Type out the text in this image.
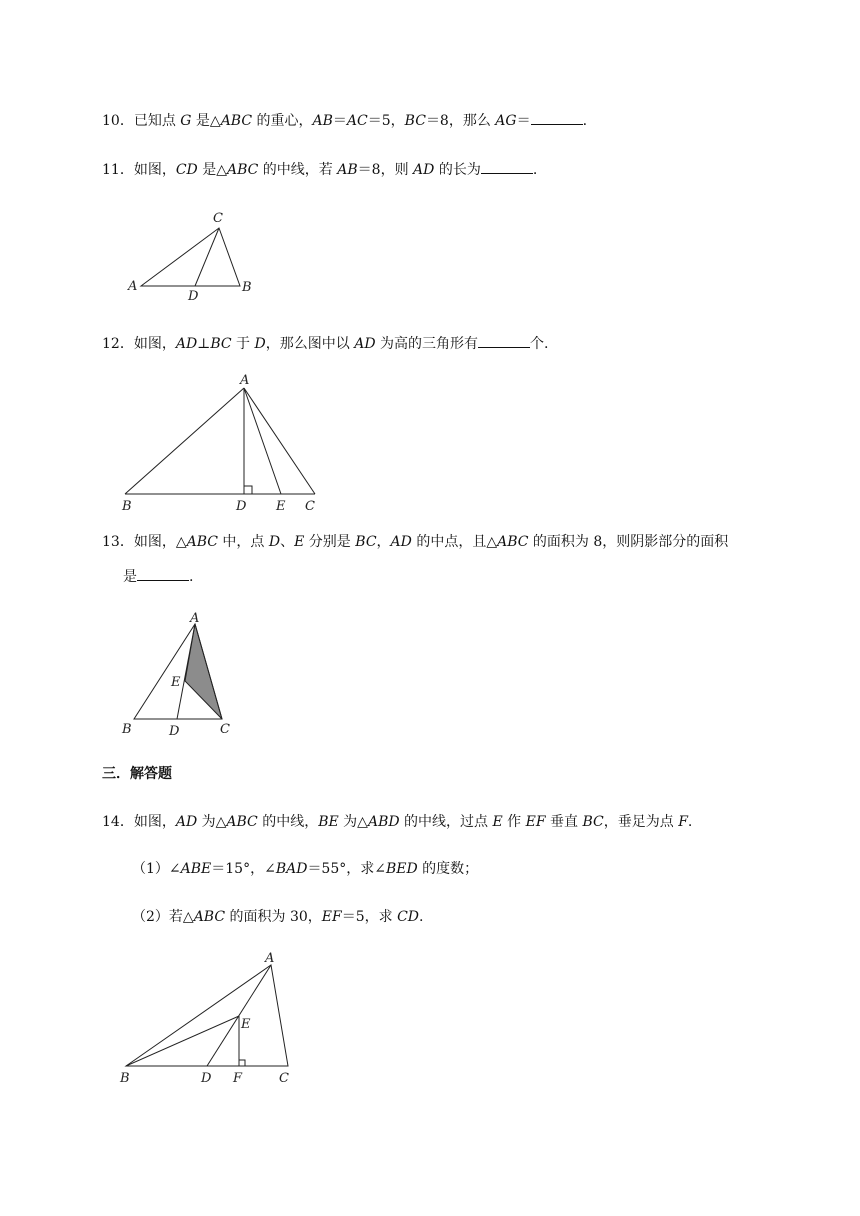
10．已知点 G 是△ABC 的重心，AB＝AC＝5，BC＝8，那么 AG＝	.
11．如图，CD 是△ABC 的中线，若 AB＝8，则 AD 的长为	.
12．如图，AD⊥BC 于 D，那么图中以 AD 为高的三角形有	个.
13．如图，△ABC 中，点 D、E 分别是 BC，AD 的中点，且△ABC 的面积为 8，则阴影部分的面积
是	.
三．解答题
14．如图，AD 为△ABC 的中线，BE 为△ABD 的中线，过点 E 作 EF 垂直 BC，垂足为点 F.
（1）∠ABE＝15°，∠BAD＝55°，求∠BED 的度数；
（2）若△ABC 的面积为 30，EF＝5，求 CD.
A	B
C
D
A
B	D E C
A
E
B	D	C
A
E
B	D F	C
